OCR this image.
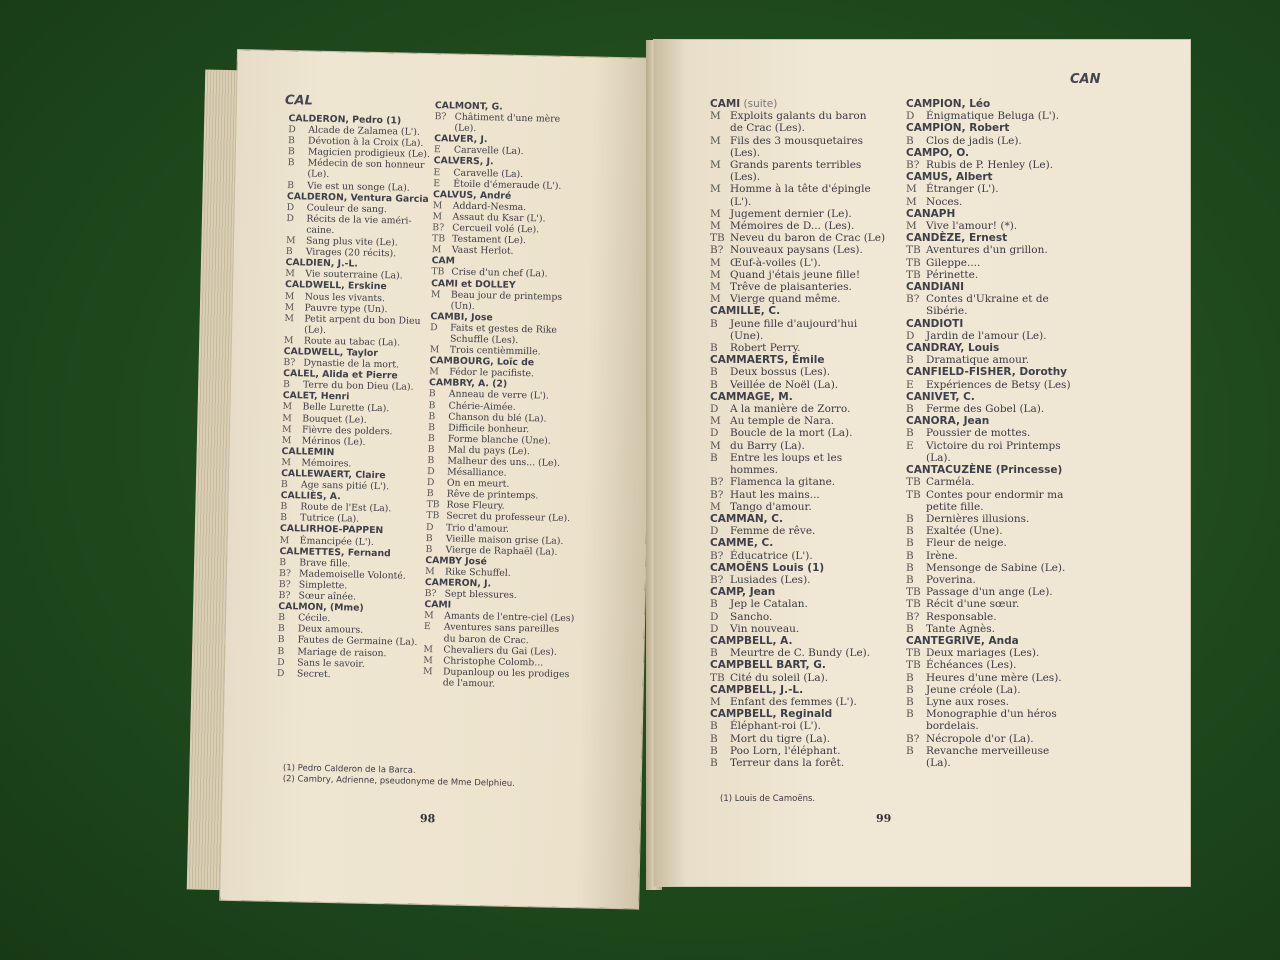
CAL
CALDERON, Pedro (1)
D Alcade de Zalamea (L').
B Dévotion à la Croix (La).
B Magicien prodigieux (Le).
B Médecin de son honneur
(Le).
B Vie est un songe (La).
CALDERON, Ventura Garcia
D Couleur de sang.
D Récits de la vie améri-
caine.
M Sang plus vite (Le).
B Virages (20 récits).
CALDIEN, J.-L.
M Vie souterraine (La).
CALDWELL, Erskine
M Nous les vivants.
M Pauvre type (Un).
M Petit arpent du bon Dieu
(Le).
M Route au tabac (La).
CALDWELL, Taylor
B? Dynastie de la mort.
CALEL, Alida et Pierre
B Terre du bon Dieu (La).
CALET, Henri
M Belle Lurette (La).
M Bouquet (Le).
M Fièvre des polders.
M Mérinos (Le).
CALLEMIN
M Mémoires.
CALLEWAERT, Claire
B Age sans pitié (L').
CALLIÈS, A.
B Route de l'Est (La).
B Tutrice (La).
CALLIRHOE-PAPPEN
M Émancipée (L').
CALMETTES, Fernand
B Brave fille.
B? Mademoiselle Volonté.
B? Simplette.
B? Sœur aînée.
CALMON, (Mme)
B Cécile.
B Deux amours.
B Fautes de Germaine (La).
B Mariage de raison.
D Sans le savoir.
D Secret.
CALMONT, G.
B? Châtiment d'une mère
(Le).
CALVER, J.
E Caravelle (La).
CALVERS, J.
E Caravelle (La).
E Étoile d'émeraude (L').
CALVUS, André
M Addard-Nesma.
M Assaut du Ksar (L').
B? Cercueil volé (Le).
TB Testament (Le).
M Vaast Herlot.
CAM
TB Crise d'un chef (La).
CAMI et DOLLEY
M Beau jour de printemps
(Un).
CAMBI, Jose
D Faits et gestes de Rike
Schuffle (Les).
M Trois centièmmille.
CAMBOURG, Loïc de
M Fédor le pacifiste.
CAMBRY, A. (2)
B Anneau de verre (L').
B Chérie-Aimée.
B Chanson du blé (La).
B Difficile bonheur.
B Forme blanche (Une).
B Mal du pays (Le).
B Malheur des uns... (Le).
D Mésalliance.
D On en meurt.
B Rêve de printemps.
TB Rose Fleury.
TB Secret du professeur (Le).
D Trio d'amour.
B Vieille maison grise (La).
B Vierge de Raphaël (La).
CAMBY José
M Rike Schuffel.
CAMERON, J.
B? Sept blessures.
CAMI
M Amants de l'entre-ciel (Les)
E Aventures sans pareilles
du baron de Crac.
M Chevaliers du Gai (Les).
M Christophe Colomb...
M Dupanloup ou les prodiges
de l'amour.
(1) Pedro Calderon de la Barca.
(2) Cambry, Adrienne, pseudonyme de Mme Delphieu.
98
CAN
CAMI (suite)
M Exploits galants du baron
de Crac (Les).
M Fils des 3 mousquetaires
(Les).
M Grands parents terribles
(Les).
M Homme à la tête d'épingle
(L').
M Jugement dernier (Le).
M Mémoires de D... (Les).
TB Neveu du baron de Crac (Le)
B? Nouveaux paysans (Les).
M Œuf-à-voiles (L').
M Quand j'étais jeune fille!
M Trêve de plaisanteries.
M Vierge quand même.
CAMILLE, C.
B Jeune fille d'aujourd'hui
(Une).
B Robert Perry.
CAMMAERTS, Émile
B Deux bossus (Les).
B Veillée de Noël (La).
CAMMAGE, M.
D A la manière de Zorro.
M Au temple de Nara.
D Boucle de la mort (La).
M du Barry (La).
B Entre les loups et les
hommes.
B? Flamenca la gitane.
B? Haut les mains...
M Tango d'amour.
CAMMAN, C.
D Femme de rêve.
CAMME, C.
B? Éducatrice (L').
CAMOËNS Louis (1)
B? Lusiades (Les).
CAMP, Jean
B Jep le Catalan.
D Sancho.
D Vin nouveau.
CAMPBELL, A.
B Meurtre de C. Bundy (Le).
CAMPBELL BART, G.
TB Cité du soleil (La).
CAMPBELL, J.-L.
M Enfant des femmes (L').
CAMPBELL, Reginald
B Éléphant-roi (L').
B Mort du tigre (La).
B Poo Lorn, l'éléphant.
B Terreur dans la forêt.
CAMPION, Léo
D Énigmatique Beluga (L').
CAMPION, Robert
B Clos de jadis (Le).
CAMPO, O.
B? Rubis de P. Henley (Le).
CAMUS, Albert
M Étranger (L').
M Noces.
CANAPH
M Vive l'amour! (*).
CANDÈZE, Ernest
TB Aventures d'un grillon.
TB Gileppe....
TB Périnette.
CANDIANI
B? Contes d'Ukraine et de
Sibérie.
CANDIOTI
D Jardin de l'amour (Le).
CANDRAY, Louis
B Dramatique amour.
CANFIELD-FISHER, Dorothy
E Expériences de Betsy (Les)
CANIVET, C.
B Ferme des Gobel (La).
CANORA, Jean
B Poussier de mottes.
E Victoire du roi Printemps
(La).
CANTACUZÈNE (Princesse)
TB Carméla.
TB Contes pour endormir ma
petite fille.
B Dernières illusions.
B Exaltée (Une).
B Fleur de neige.
B Irène.
B Mensonge de Sabine (Le).
B Poverina.
TB Passage d'un ange (Le).
TB Récit d'une sœur.
B? Responsable.
B Tante Agnès.
CANTEGRIVE, Anda
TB Deux mariages (Les).
TB Échéances (Les).
B Heures d'une mère (Les).
B Jeune créole (La).
B Lyne aux roses.
B Monographie d'un héros
bordelais.
B? Nécropole d'or (La).
B Revanche merveilleuse
(La).
(1) Louis de Camoëns.
99
